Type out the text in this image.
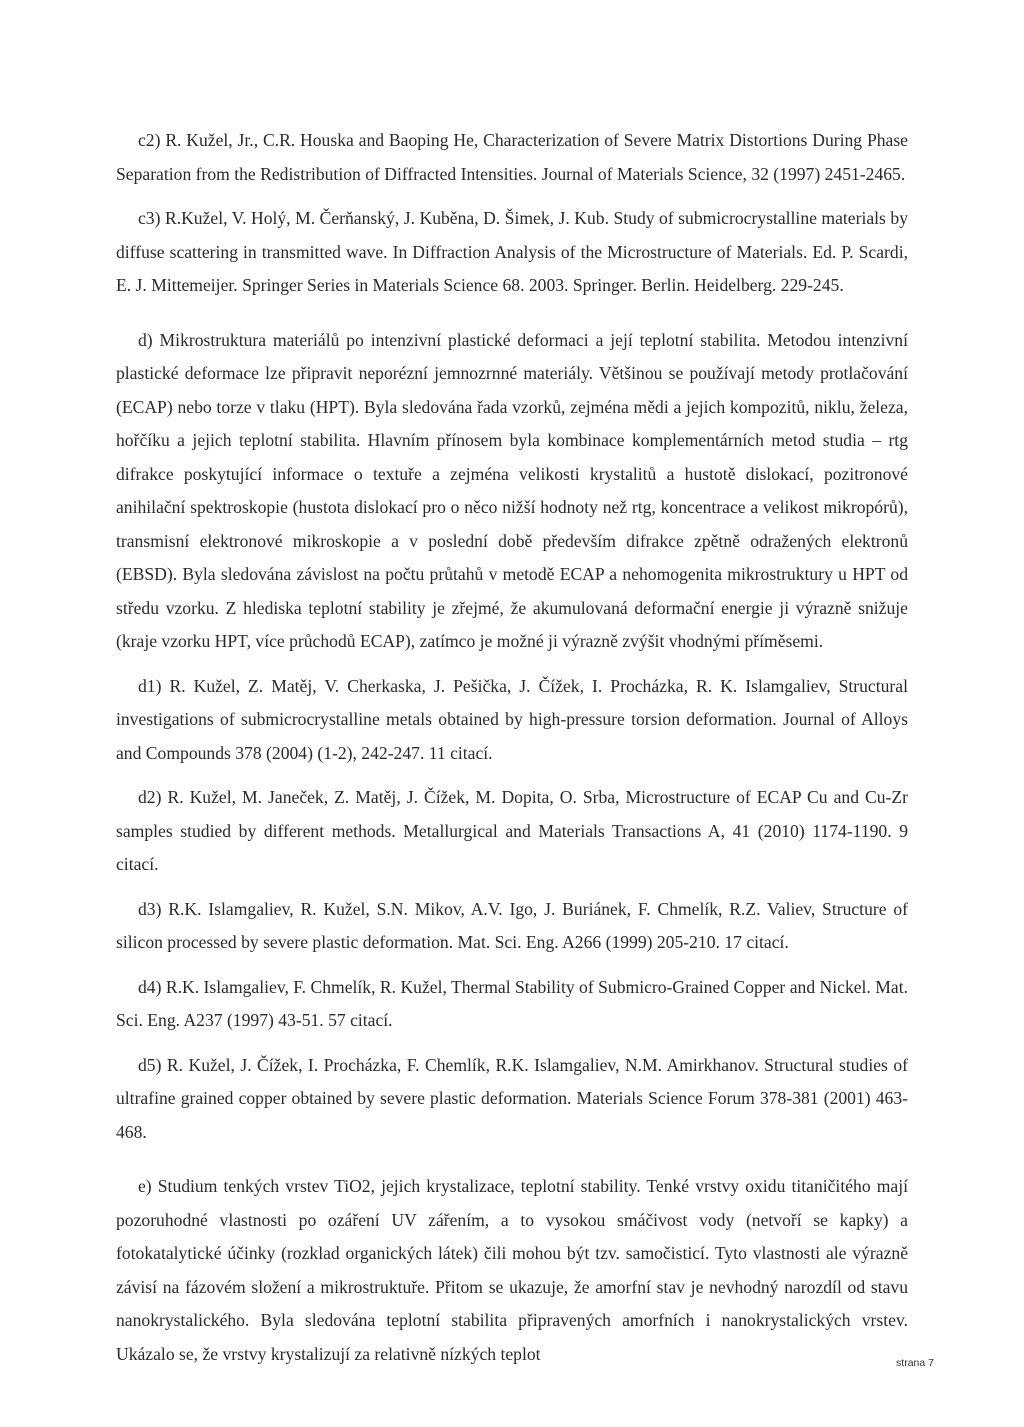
c2) R. Kužel, Jr., C.R. Houska and Baoping He, Characterization of Severe Matrix Distortions During Phase Separation from the Redistribution of Diffracted Intensities. Journal of Materials Science, 32 (1997) 2451-2465.

c3) R.Kužel, V. Holý, M. Čerňanský, J. Kuběna, D. Šimek, J. Kub. Study of submicrocrystalline materials by diffuse scattering in transmitted wave. In Diffraction Analysis of the Microstructure of Materials. Ed. P. Scardi, E. J. Mittemeijer. Springer Series in Materials Science 68. 2003. Springer. Berlin. Heidelberg. 229-245.

d) Mikrostruktura materiálů po intenzivní plastické deformaci a její teplotní stabilita. Metodou intenzivní plastické deformace lze připravit neporézní jemnozrnné materiály. Většinou se používají metody protlačování (ECAP) nebo torze v tlaku (HPT). Byla sledována řada vzorků, zejména mědi a jejich kompozitů, niklu, železa, hořčíku a jejich teplotní stabilita. Hlavním přínosem byla kombinace komplementárních metod studia – rtg difrakce poskytující informace o textuře a zejména velikosti krystalitů a hustotě dislokací, pozitronové anihilační spektroskopie (hustota dislokací pro o něco nižší hodnoty než rtg, koncentrace a velikost mikropórů), transmisní elektronové mikroskopie a v poslední době především difrakce zpětně odražených elektronů (EBSD). Byla sledována závislost na počtu průtahů v metodě ECAP a nehomogenita mikrostruktury u HPT od středu vzorku. Z hlediska teplotní stability je zřejmé, že akumulovaná deformační energie ji výrazně snižuje (kraje vzorku HPT, více průchodů ECAP), zatímco je možné ji výrazně zvýšit vhodnými příměsemi.

d1) R. Kužel, Z. Matěj, V. Cherkaska, J. Pešička, J. Čížek, I. Procházka, R. K. Islamgaliev, Structural investigations of submicrocrystalline metals obtained by high-pressure torsion deformation. Journal of Alloys and Compounds 378 (2004) (1-2), 242-247. 11 citací.

d2) R. Kužel, M. Janeček, Z. Matěj, J. Čížek, M. Dopita, O. Srba, Microstructure of ECAP Cu and Cu-Zr samples studied by different methods. Metallurgical and Materials Transactions A, 41 (2010) 1174-1190. 9 citací.

d3) R.K. Islamgaliev, R. Kužel, S.N. Mikov, A.V. Igo, J. Buriánek, F. Chmelík, R.Z. Valiev, Structure of silicon processed by severe plastic deformation. Mat. Sci. Eng. A266 (1999) 205-210. 17 citací.

d4) R.K. Islamgaliev, F. Chmelík, R. Kužel, Thermal Stability of Submicro-Grained Copper and Nickel. Mat. Sci. Eng. A237 (1997) 43-51. 57 citací.

d5) R. Kužel, J. Čížek, I. Procházka, F. Chemlík, R.K. Islamgaliev, N.M. Amirkhanov. Structural studies of ultrafine grained copper obtained by severe plastic deformation. Materials Science Forum 378-381 (2001) 463-468.

e) Studium tenkých vrstev TiO2, jejich krystalizace, teplotní stability. Tenké vrstvy oxidu titaničitého mají pozoruhodné vlastnosti po ozáření UV zářením, a to vysokou smáčivost vody (netvoří se kapky) a fotokatalytické účinky (rozklad organických látek) čili mohou být tzv. samočisticí. Tyto vlastnosti ale výrazně závisí na fázovém složení a mikrostruktuře. Přitom se ukazuje, že amorfní stav je nevhodný narozdíl od stavu nanokrystalického. Byla sledována teplotní stabilita připravených amorfních i nanokrystalických vrstev. Ukázalo se, že vrstvy krystalizují za relativně nízkých teplot	strana 7
